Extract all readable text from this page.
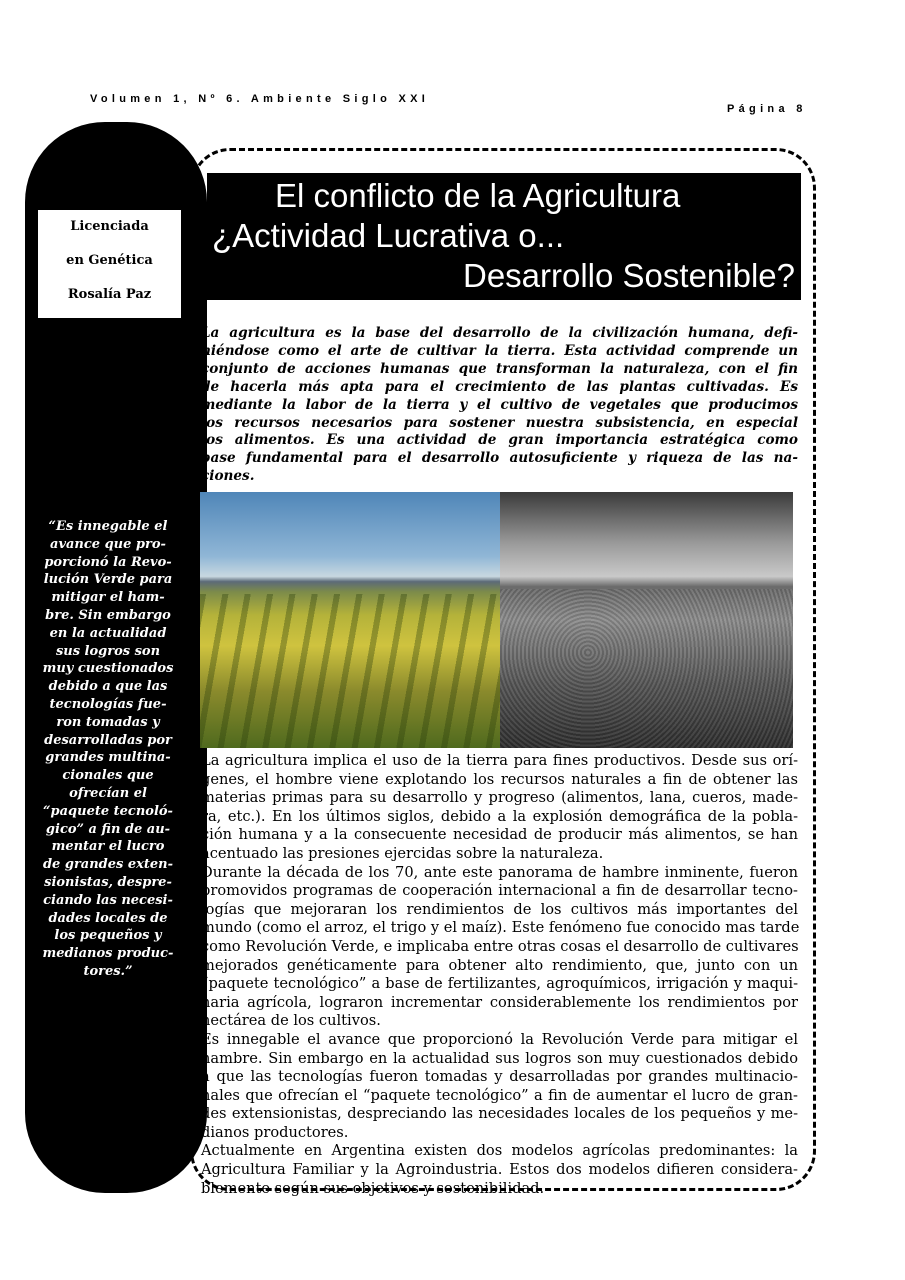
Volumen 1, Nº 6. Ambiente Siglo XXI
Página 8
Licenciada
en Genética
Rosalía Paz
“Es innegable el
avance que pro-
porcionó la Revo-
lución Verde para
mitigar el ham-
bre. Sin embargo
en la actualidad
sus logros son
muy cuestionados
debido a que las
tecnologías fue-
ron tomadas y
desarrolladas por
grandes multina-
cionales que
ofrecían el
“paquete tecnoló-
gico” a fin de au-
mentar el lucro
de grandes exten-
sionistas, despre-
ciando las necesi-
dades locales de
los pequeños y
medianos produc-
tores.”
El conflicto de la Agricultura
¿Actividad Lucrativa o...
Desarrollo Sostenible?
La agricultura es la base del desarrollo de la civilización humana, defi-
niéndose como el arte de cultivar la tierra. Esta actividad comprende un
conjunto de acciones humanas que transforman la naturaleza, con el fin
de hacerla más apta para el crecimiento de las plantas cultivadas. Es
mediante la labor de la tierra y el cultivo de vegetales que producimos
los recursos necesarios para sostener nuestra subsistencia, en especial
los alimentos. Es una actividad de gran importancia estratégica como
base fundamental para el desarrollo autosuficiente y riqueza de las na-
ciones.
La agricultura implica el uso de la tierra para fines productivos. Desde sus orí-
genes, el hombre viene explotando los recursos naturales a fin de obtener las
materias primas para su desarrollo y progreso (alimentos, lana, cueros, made-
ra, etc.). En los últimos siglos, debido a la explosión demográfica de la pobla-
ción humana y a la consecuente necesidad de producir más alimentos, se han
acentuado las presiones ejercidas sobre la naturaleza.
Durante la década de los 70, ante este panorama de hambre inminente, fueron
promovidos programas de cooperación internacional a fin de desarrollar tecno-
logías que mejoraran los rendimientos de los cultivos más importantes del
mundo (como el arroz, el trigo y el maíz). Este fenómeno fue conocido mas tarde
como Revolución Verde, e implicaba entre otras cosas el desarrollo de cultivares
mejorados genéticamente para obtener alto rendimiento, que, junto con un
“paquete tecnológico” a base de fertilizantes, agroquímicos, irrigación y maqui-
naria agrícola, lograron incrementar considerablemente los rendimientos por
hectárea de los cultivos.
Es innegable el avance que proporcionó la Revolución Verde para mitigar el
hambre. Sin embargo en la actualidad sus logros son muy cuestionados debido
a que las tecnologías fueron tomadas y desarrolladas por grandes multinacio-
nales que ofrecían el “paquete tecnológico” a fin de aumentar el lucro de gran-
des extensionistas, despreciando las necesidades locales de los pequeños y me-
dianos productores.
Actualmente en Argentina existen dos modelos agrícolas predominantes: la
Agricultura Familiar y la Agroindustria. Estos dos modelos difieren considera-
blemente según sus objetivos y sostenibilidad.
